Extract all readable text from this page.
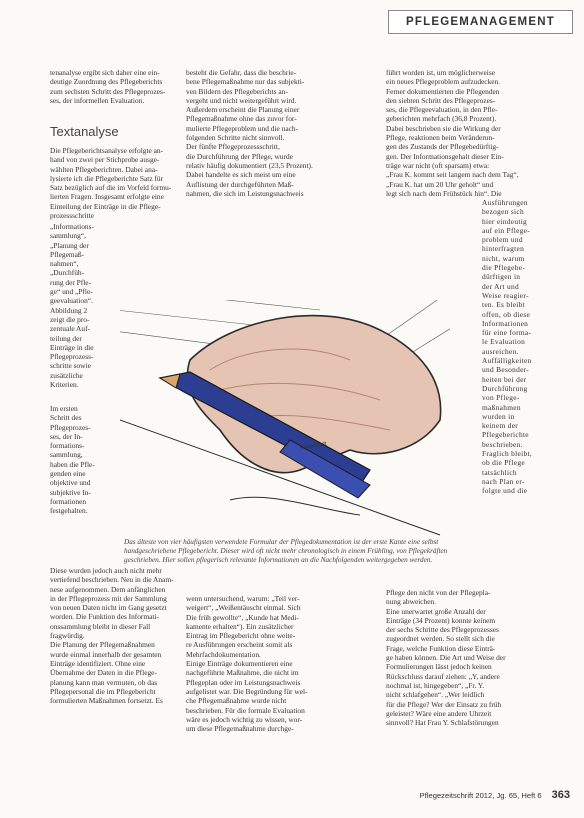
PFLEGEMANAGEMENT
tenanalyse ergibt sich daher eine ein-
deutige Zuordnung des Pflegeberichts
zum sechsten Schritt des Pflegeprozes-
ses, der informellen Evaluation.
Textanalyse
Die Pflegeberichtsanalyse erfolgte an-
hand von zwei per Stichprobe ausge-
wählten Pflegeberichten. Dabei ana-
lysierte ich die Pflegeberichte Satz für
Satz bezüglich auf die im Vorfeld formu-
lierten Fragen. Insgesamt erfolgte eine
Einteilung der Einträge in die Pflege-
prozessschritte
„Informations-
sammlung“,
„Planung der
Pflegemaß-
nahmen“,
„Durchfüh-
rung der Pfle-
ge“ und „Pfle-
geevaluation“.
Abbildung 2
zeigt die pro-
zentuale Auf-
teilung der
Einträge in die
Pflegeprozess-
schritte sowie
zusätzliche
Kriterien.
Im ersten
Schritt des
Pflegeprozes-
ses, der In-
formations-
sammlung,
haben die Pfle-
genden eine
objektive und
subjektive In-
formationen
festgehalten.
Diese wurden jedoch auch nicht mehr
vertiefend beschrieben. Neu in die Anam-
nese aufgenommen. Dem anfänglichen
in der Pflegeprozess mit der Sammlung
von neuen Daten nicht im Gang gesetzt
worden. Die Funktion des Informati-
onssammlung bleibt in dieser Fall
fragwürdig.
Die Planung der Pflegemaßnahmen
wurde einmal innerhalb der gesamten
Einträge identifiziert. Ohne eine
Übernahme der Daten in die Pflege-
planung kann man vermuten, ob das
Pflegepersonal die im Pflegebericht
formulierten Maßnahmen fortsetzt. Es
besteht die Gefahr, dass die beschrie-
bene Pflegemaßnahme nur das subjekti-
ven Bildern des Pflegeberichts an-
vergeht und nicht weitergeführt wird.
Außerdem erscheint die Planung einer
Pflegemaßnahme ohne das zuvor for-
mulierte Pflegeproblem und die nach-
folgenden Schritte nicht sinnvoll.
Der fünfte Pflegeprozessschritt,
die Durchführung der Pflege, wurde
relativ häufig dokumentiert (23,5 Prozent).
Dabei handelte es sich meist um eine
Auflistung der durchgeführten Maß-
nahmen, die sich im Leistungsnachweis
wenn untersuchend, warum: „Teil ver-
weigert“, „Weißentäuscht einmal. Sich
Die früh gewollte“, „Kunde hat Medi-
kamente erhalten“). Ein zusätzlicher
Eintrag im Pflegebericht ohne weite-
re Ausführungen erscheint somit als
Mehrfachdokumentation.
Einige Einträge dokumentieren eine
nachgeführte Maßnahme, die nicht im
Pflegeplan oder im Leistungsnachweis
aufgelistet war. Die Begründung für wel-
che Pflegemaßnahme wurde nicht
beschrieben. Für die formale Evaluation
wäre es jedoch wichtig zu wissen, wor-
um diese Pflegemaßnahme durchge-
führt worden ist, um möglicherweise
ein neues Pflegeproblem aufzudecken.
Ferner dokumentierten die Pflegenden
den siebten Schritt des Pflegeprozes-
ses, die Pflegeevaluation, in den Pfle-
geberichten mehrfach (36,8 Prozent).
Dabei beschrieben sie die Wirkung der
Pflege, reaktionen beim Veränderun-
gen des Zustands der Pflegebedürftig-
gen. Der Informationsgehalt dieser Ein-
träge war nicht (oft sparsam) etwa:
„Frau K. kommt seit langem nach dem Tag“,
„Frau K. hat um 20 Uhr geholt“ und
legt sich nach dem Frühstück hin“. Die
Ausführungen
bezogen sich
hier eindeutig
auf ein Pflege-
problem und
hinterfragten
nicht, warum
die Pflegebe-
dürftigen in
der Art und
Weise reagier-
ten. Es bleibt
offen, ob diese
Informationen
für eine forma-
le Evaluation
ausreichen.
Auffälligkeiten
und Besonder-
heiten bei der
Durchführung
von Pflege-
maßnahmen
wurden in
keinem der
Pflegeberichte
beschrieben.
Fraglich bleibt,
ob die Pflege
tatsächlich
nach Plan er-
folgte und die
Pflege den nicht von der Pflegepla-
nung abweichen.
Eine unerwartet große Anzahl der
Einträge (34 Prozent) konnte keinem
der sechs Schritte des Pflegeprozesses
zugeordnet werden. So stellt sich die
Frage, welche Funktion diese Einträ-
ge haben können. Die Art und Weise der
Formulierungen lässt jedoch keinen
Rückschluss darauf ziehen: „Y, andere
nochmal ist, hingegeben“, „Fr. Y.
nicht schlafgehen“. „Wer leidlich
für die Pflege? Wer der Einsatz zu früh
geleistet? Wäre eine andere Uhrzeit
sinnvoll? Hat Frau Y. Schlafstörungen
Schreibstift
Das älteste von vier häufigsten verwendete Formular der Pflegedokumentation ist der erste Kante eine selbst handgeschriebene Pflegebericht. Dieser wird oft nicht mehr chronologisch in einem Frühling, von Pflegekräften geschrieben. Hier sollen pflegerisch relevante Informationen an die Nachfolgenden weitergegeben werden.
Pflegezeitschrift 2012, Jg. 65, Heft 6 363
